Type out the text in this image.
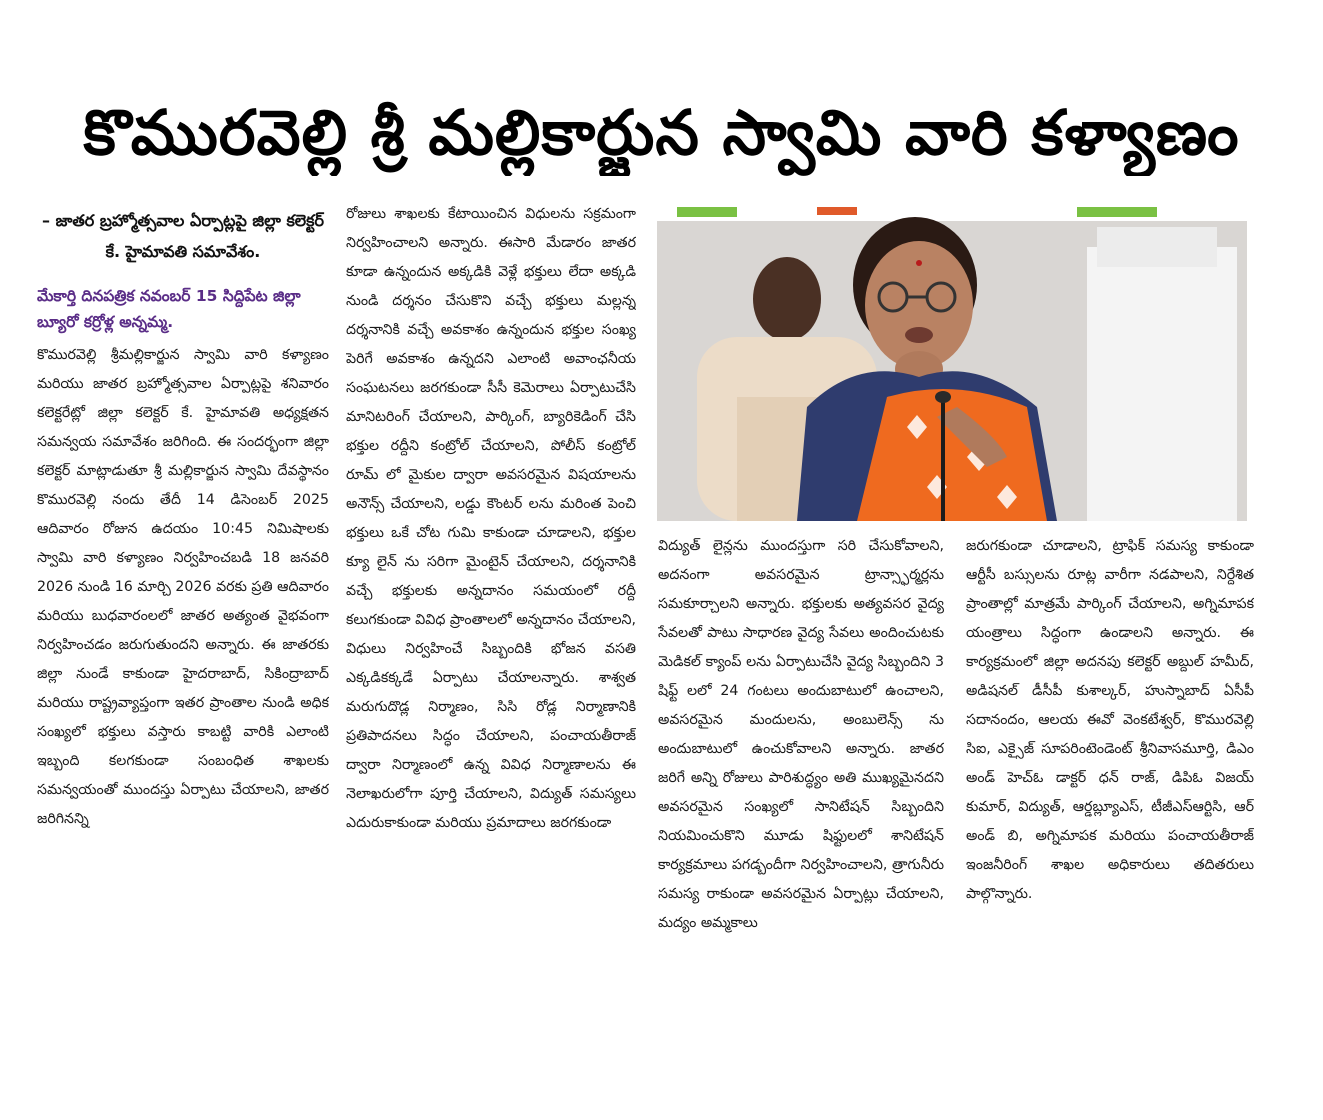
కొమురవెల్లి శ్రీ మల్లికార్జున స్వామి వారి కళ్యాణం

– జాతర బ్రహ్మోత్సవాల ఏర్పాట్లపై జిల్లా కలెక్టర్ కే. హైమావతి సమావేశం.

మేకార్తి దినపత్రిక నవంబర్ 15 సిద్దిపేట జిల్లా బ్యూరో కర్రోళ్ల అన్నమ్మ.

కొమురవెల్లి శ్రీమల్లికార్జున స్వామి వారి కళ్యాణం మరియు జాతర బ్రహ్మోత్సవాల ఏర్పాట్లపై శనివారం కలెక్టరేట్లో జిల్లా కలెక్టర్ కే. హైమావతి అధ్యక్షతన సమన్వయ సమావేశం జరిగింది. ఈ సందర్భంగా జిల్లా కలెక్టర్ మాట్లాడుతూ శ్రీ మల్లికార్జున స్వామి దేవస్థానం కొమురవెల్లి నందు తేదీ 14 డిసెంబర్ 2025 ఆదివారం రోజున ఉదయం 10:45 నిమిషాలకు స్వామి వారి కళ్యాణం నిర్వహించబడి 18 జనవరి 2026 నుండి 16 మార్చి 2026 వరకు ప్రతి ఆదివారం మరియు బుధవారంలలో జాతర అత్యంత వైభవంగా నిర్వహించడం జరుగుతుందని అన్నారు. ఈ జాతరకు జిల్లా నుండే కాకుండా హైదరాబాద్, సికింద్రాబాద్ మరియు రాష్ట్రవ్యాప్తంగా ఇతర ప్రాంతాల నుండి అధిక సంఖ్యలో భక్తులు వస్తారు కాబట్టి వారికి ఎలాంటి ఇబ్బంది కలగకుండా సంబంధిత శాఖలకు సమన్వయంతో ముందస్తు ఏర్పాటు చేయాలని, జాతర జరిగినన్ని

రోజులు శాఖలకు కేటాయించిన విధులను సక్రమంగా నిర్వహించాలని అన్నారు. ఈసారి మేడారం జాతర కూడా ఉన్నందున అక్కడికి వెళ్లే భక్తులు లేదా అక్కడి నుండి దర్శనం చేసుకొని వచ్చే భక్తులు మల్లన్న దర్శనానికి వచ్చే అవకాశం ఉన్నందున భక్తుల సంఖ్య పెరిగే అవకాశం ఉన్నదని ఎలాంటి అవాంఛనీయ సంఘటనలు జరగకుండా సీసీ కెమెరాలు ఏర్పాటుచేసి మానిటరింగ్ చేయాలని, పార్కింగ్, బ్యారికెడింగ్ చేసి భక్తుల రద్దీని కంట్రోల్ చేయాలని, పోలీస్ కంట్రోల్ రూమ్ లో మైకుల ద్వారా అవసరమైన విషయాలను అనౌన్స్ చేయాలని, లడ్డు కౌంటర్ లను మరింత పెంచి భక్తులు ఒకే చోట గుమి కాకుండా చూడాలని, భక్తుల క్యూ లైన్ ను సరిగా మైంటైన్ చేయాలని, దర్శనానికి వచ్చే భక్తులకు అన్నదానం సమయంలో రద్దీ కలుగకుండా వివిధ ప్రాంతాలలో అన్నదానం చేయాలని, విధులు నిర్వహించే సిబ్బందికి భోజన వసతి ఎక్కడికక్కడే ఏర్పాటు చేయాలన్నారు. శాశ్వత మరుగుదొడ్ల నిర్మాణం, సిసి రోడ్ల నిర్మాణానికి ప్రతిపాదనలు సిద్ధం చేయాలని, పంచాయతీరాజ్ ద్వారా నిర్మాణంలో ఉన్న వివిధ నిర్మాణాలను ఈ నెలాఖరులోగా పూర్తి చేయాలని, విద్యుత్ సమస్యలు ఎదురుకాకుండా మరియు ప్రమాదాలు జరగకుండా

విద్యుత్ లైన్లను ముందస్తుగా సరి చేసుకోవాలని, అదనంగా అవసరమైన ట్రాన్స్ఫార్మర్లను సమకూర్చాలని అన్నారు. భక్తులకు అత్యవసర వైద్య సేవలతో పాటు సాధారణ వైద్య సేవలు అందించుటకు మెడికల్ క్యాంప్ లను ఏర్పాటుచేసి వైద్య సిబ్బందిని 3 షిఫ్ట్ లలో 24 గంటలు అందుబాటులో ఉంచాలని, అవసరమైన మందులను, అంబులెన్స్ ను అందుబాటులో ఉంచుకోవాలని అన్నారు. జాతర జరిగే అన్ని రోజులు పారిశుద్ధ్యం అతి ముఖ్యమైనదని అవసరమైన సంఖ్యలో సానిటేషన్ సిబ్బందిని నియమించుకొని మూడు షిఫ్టులలో శానిటేషన్ కార్యక్రమాలు పగడ్బందీగా నిర్వహించాలని, త్రాగునీరు సమస్య రాకుండా అవసరమైన ఏర్పాట్లు చేయాలని, మద్యం అమ్మకాలు

జరుగకుండా చూడాలని, ట్రాఫిక్ సమస్య కాకుండా ఆర్టీసీ బస్సులను రూట్ల వారీగా నడపాలని, నిర్దేశిత ప్రాంతాల్లో మాత్రమే పార్కింగ్ చేయాలని, అగ్నిమాపక యంత్రాలు సిద్ధంగా ఉండాలని అన్నారు. ఈ కార్యక్రమంలో జిల్లా అదనపు కలెక్టర్ అబ్దుల్ హమీద్, అడిషనల్ డీసీపీ కుశాల్కర్, హుస్నాబాద్ ఏసీపీ సదానందం, ఆలయ ఈవో వెంకటేశ్వర్, కొమురవెల్లి సిఐ, ఎక్సైజ్ సూపరింటెండెంట్ శ్రీనివాసమూర్తి, డిఎం అండ్ హెచ్ఓ డాక్టర్ ధన్ రాజ్, డిపిఓ విజయ్ కుమార్, విద్యుత్, ఆర్డబ్ల్యూఎస్, టీజీఎస్ఆర్టిసి, ఆర్ అండ్ బి, అగ్నిమాపక మరియు పంచాయతీరాజ్ ఇంజనీరింగ్ శాఖల అధికారులు తదితరులు పాల్గొన్నారు.
